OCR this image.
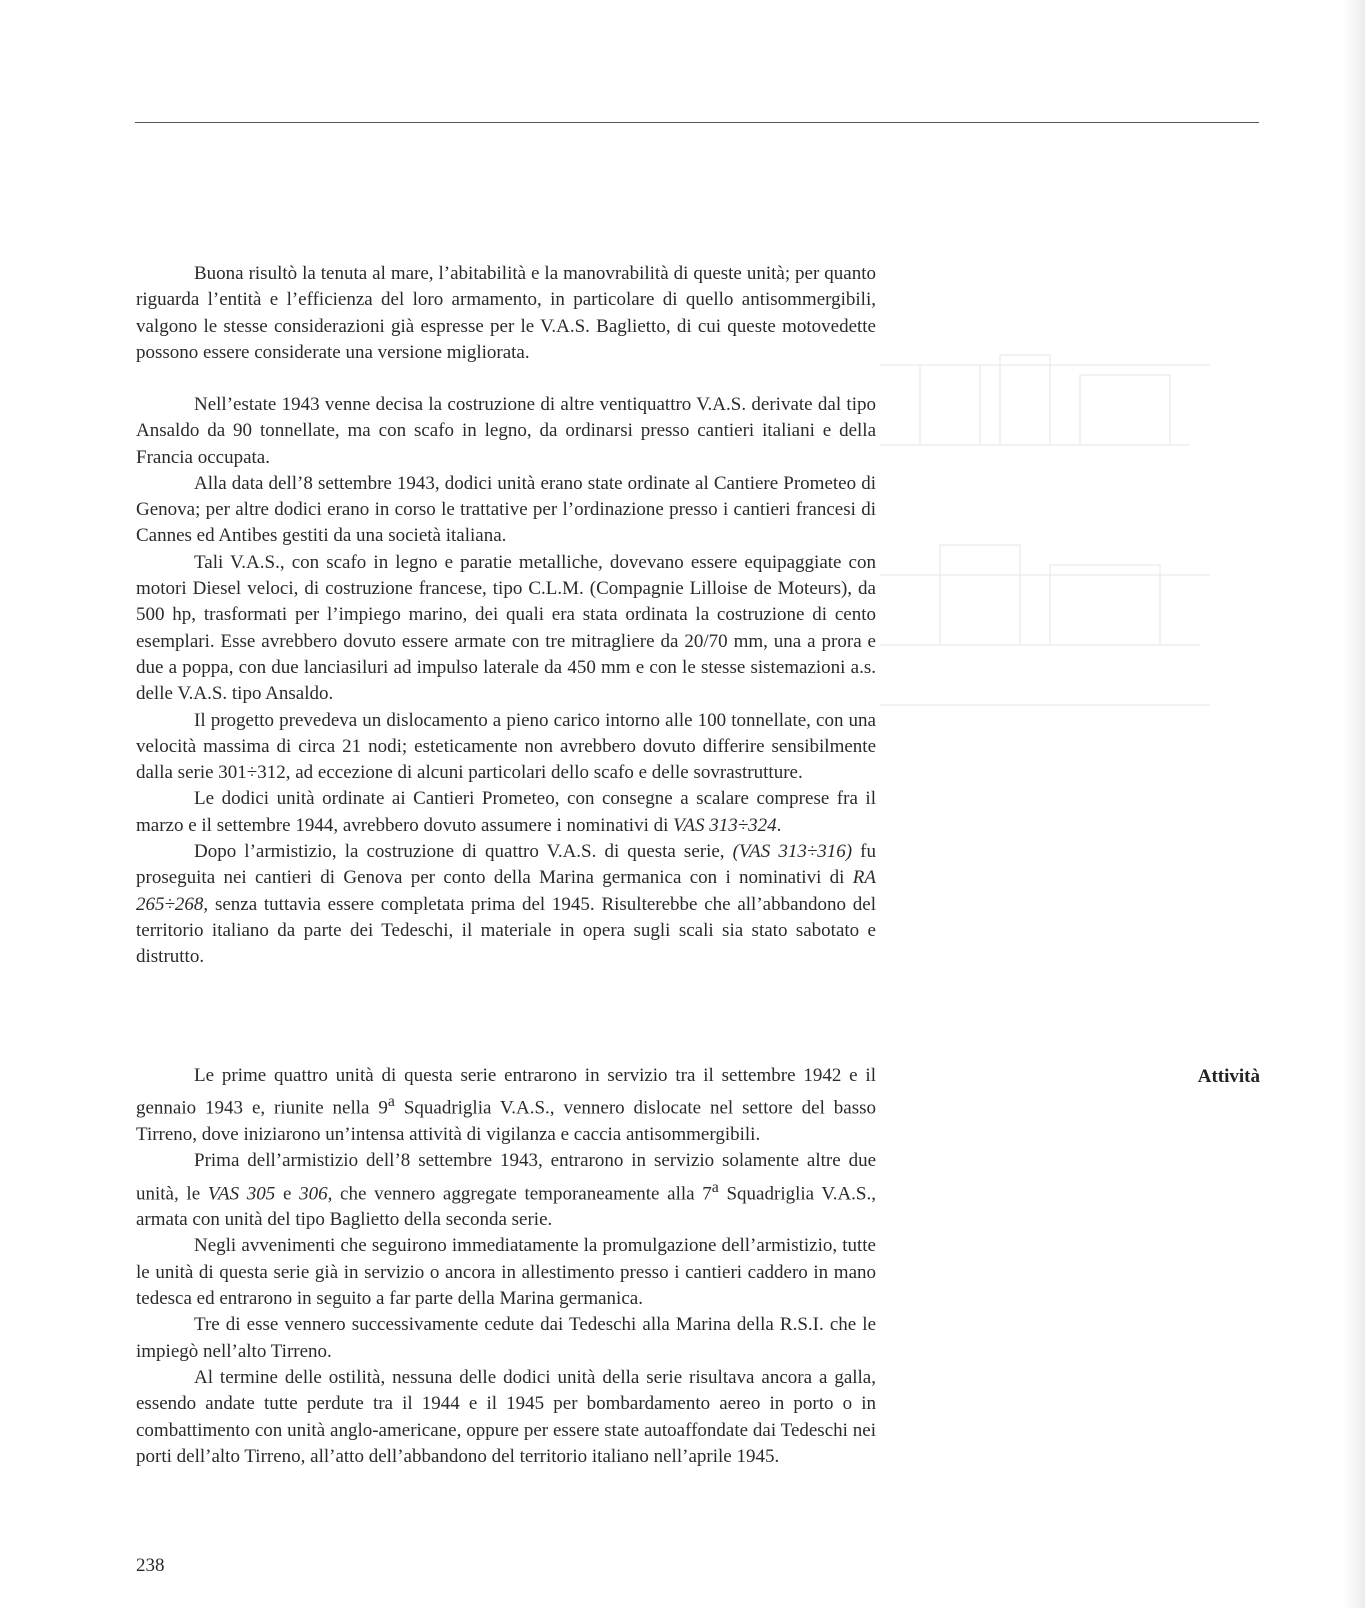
Buona risultò la tenuta al mare, l’abitabilità e la manovrabilità di queste unità; per quanto riguarda l’entità e l’efficienza del loro armamento, in particolare di quello antisommergibili, valgono le stesse considerazioni già espresse per le V.A.S. Baglietto, di cui queste motovedette possono essere considerate una versione migliorata.

Nell’estate 1943 venne decisa la costruzione di altre ventiquattro V.A.S. derivate dal tipo Ansaldo da 90 tonnellate, ma con scafo in legno, da ordinarsi presso cantieri italiani e della Francia occupata.

Alla data dell’8 settembre 1943, dodici unità erano state ordinate al Cantiere Prometeo di Genova; per altre dodici erano in corso le trattative per l’ordinazione presso i cantieri francesi di Cannes ed Antibes gestiti da una società italiana.

Tali V.A.S., con scafo in legno e paratie metalliche, dovevano essere equipaggiate con motori Diesel veloci, di costruzione francese, tipo C.L.M. (Compagnie Lilloise de Moteurs), da 500 hp, trasformati per l’impiego marino, dei quali era stata ordinata la costruzione di cento esemplari. Esse avrebbero dovuto essere armate con tre mitragliere da 20/70 mm, una a prora e due a poppa, con due lanciasiluri ad impulso laterale da 450 mm e con le stesse sistemazioni a.s. delle V.A.S. tipo Ansaldo.

Il progetto prevedeva un dislocamento a pieno carico intorno alle 100 tonnellate, con una velocità massima di circa 21 nodi; esteticamente non avrebbero dovuto differire sensibilmente dalla serie 301÷312, ad eccezione di alcuni particolari dello scafo e delle sovrastrutture.

Le dodici unità ordinate ai Cantieri Prometeo, con consegne a scalare comprese fra il marzo e il settembre 1944, avrebbero dovuto assumere i nominativi di VAS 313÷324.

Dopo l’armistizio, la costruzione di quattro V.A.S. di questa serie, (VAS 313÷316) fu proseguita nei cantieri di Genova per conto della Marina germanica con i nominativi di RA 265÷268, senza tuttavia essere completata prima del 1945. Risulterebbe che all’abbandono del territorio italiano da parte dei Tedeschi, il materiale in opera sugli scali sia stato sabotato e distrutto.

Attività

Le prime quattro unità di questa serie entrarono in servizio tra il settembre 1942 e il gennaio 1943 e, riunite nella 9$^a$ Squadriglia V.A.S., vennero dislocate nel settore del basso Tirreno, dove iniziarono un’intensa attività di vigilanza e caccia antisommergibili.

Prima dell’armistizio dell’8 settembre 1943, entrarono in servizio solamente altre due unità, le VAS 305 e 306, che vennero aggregate temporaneamente alla 7$^a$ Squadriglia V.A.S., armata con unità del tipo Baglietto della seconda serie.

Negli avvenimenti che seguirono immediatamente la promulgazione dell’armistizio, tutte le unità di questa serie già in servizio o ancora in allestimento presso i cantieri caddero in mano tedesca ed entrarono in seguito a far parte della Marina germanica.

Tre di esse vennero successivamente cedute dai Tedeschi alla Marina della R.S.I. che le impiegò nell’alto Tirreno.

Al termine delle ostilità, nessuna delle dodici unità della serie risultava ancora a galla, essendo andate tutte perdute tra il 1944 e il 1945 per bombardamento aereo in porto o in combattimento con unità anglo-americane, oppure per essere state autoaffondate dai Tedeschi nei porti dell’alto Tirreno, all’atto dell’abbandono del territorio italiano nell’aprile 1945.

238
